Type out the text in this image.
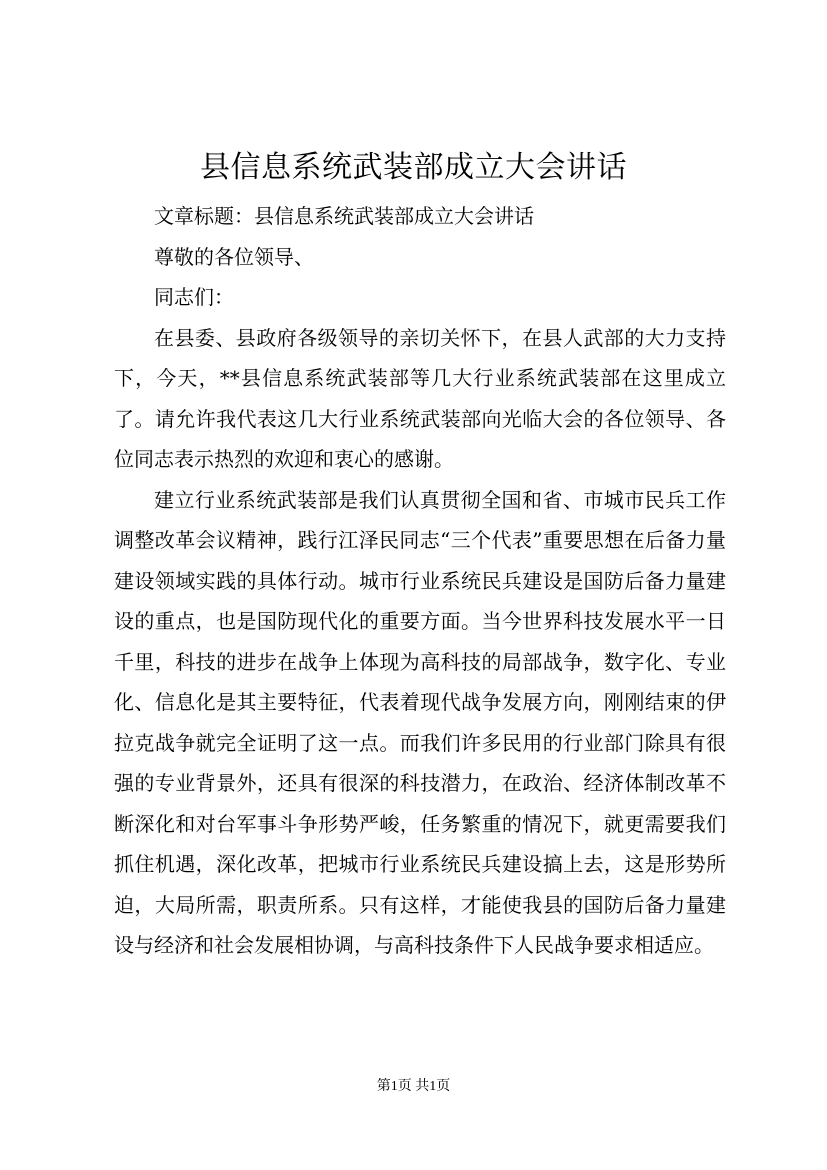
县信息系统武装部成立大会讲话

文章标题：县信息系统武装部成立大会讲话

尊敬的各位领导、

同志们：

在县委、县政府各级领导的亲切关怀下，在县人武部的大力支持下，今天，**县信息系统武装部等几大行业系统武装部在这里成立了。请允许我代表这几大行业系统武装部向光临大会的各位领导、各位同志表示热烈的欢迎和衷心的感谢。

建立行业系统武装部是我们认真贯彻全国和省、市城市民兵工作调整改革会议精神，践行江泽民同志“三个代表”重要思想在后备力量建设领域实践的具体行动。城市行业系统民兵建设是国防后备力量建设的重点，也是国防现代化的重要方面。当今世界科技发展水平一日千里，科技的进步在战争上体现为高科技的局部战争，数字化、专业化、信息化是其主要特征，代表着现代战争发展方向，刚刚结束的伊拉克战争就完全证明了这一点。而我们许多民用的行业部门除具有很强的专业背景外，还具有很深的科技潜力，在政治、经济体制改革不断深化和对台军事斗争形势严峻，任务繁重的情况下，就更需要我们抓住机遇，深化改革，把城市行业系统民兵建设搞上去，这是形势所迫，大局所需，职责所系。只有这样，才能使我县的国防后备力量建设与经济和社会发展相协调，与高科技条件下人民战争要求相适应。

第1页 共1页
